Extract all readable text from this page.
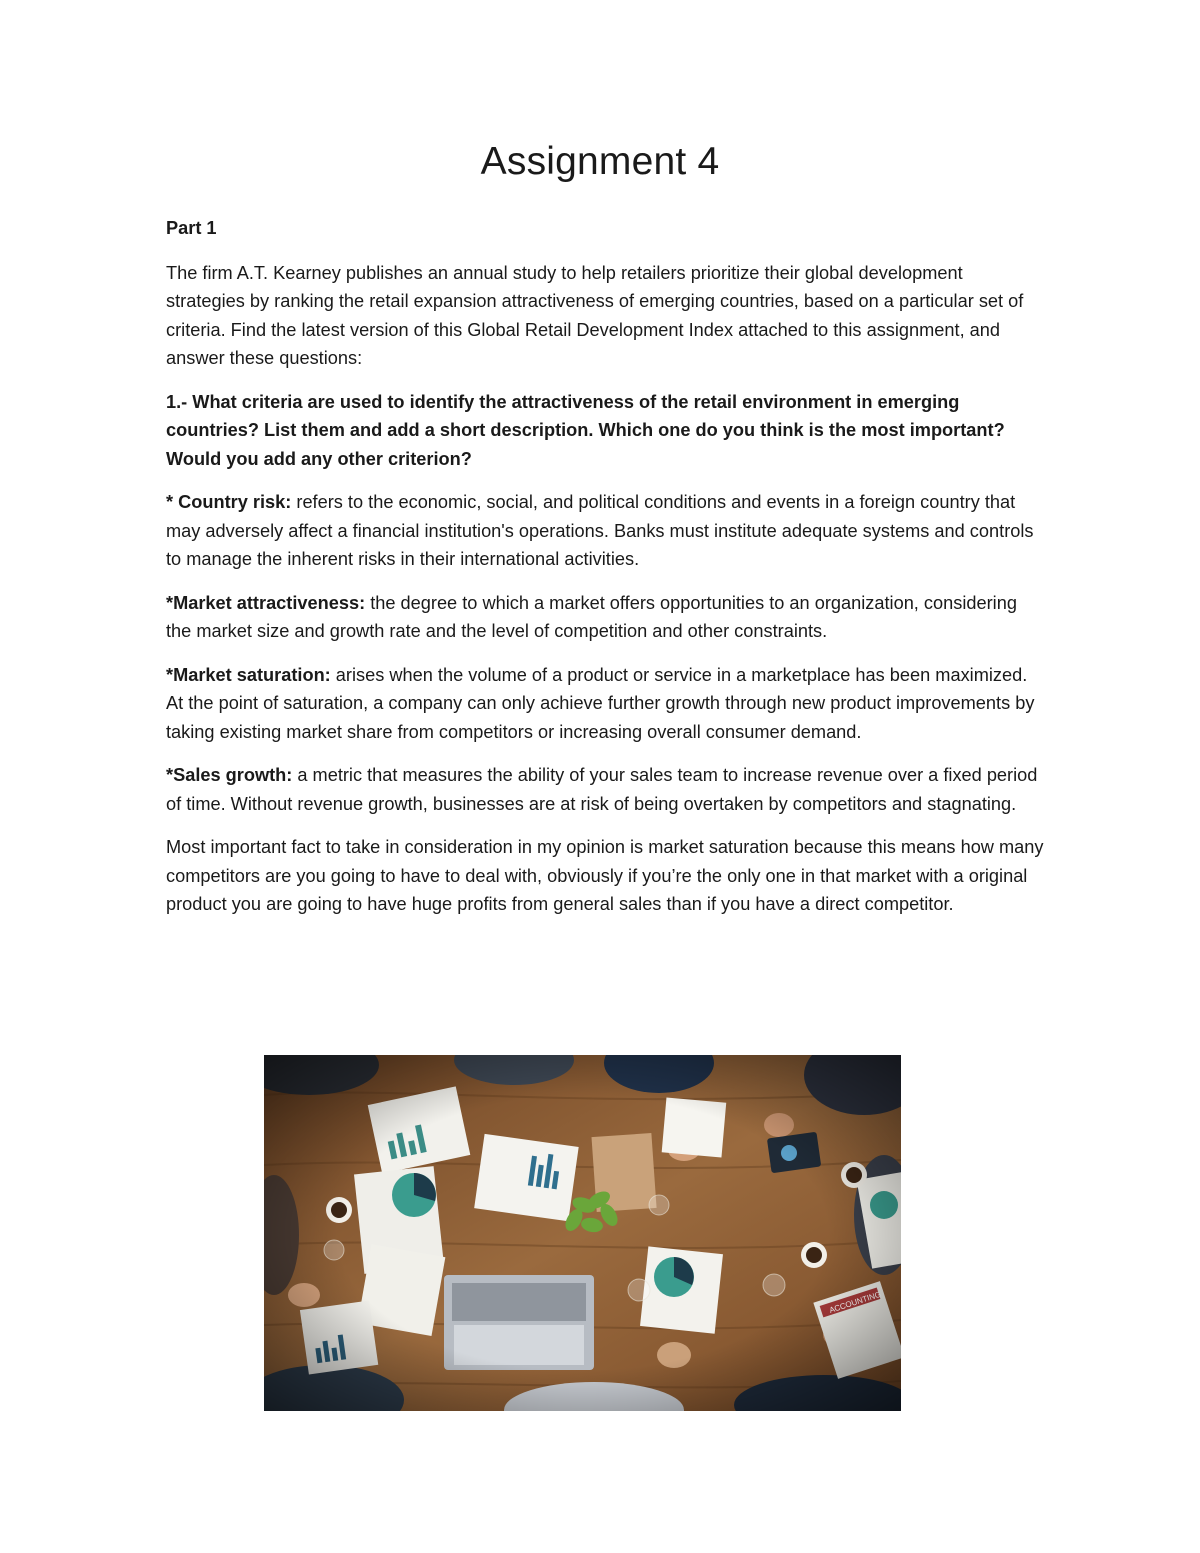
Assignment 4

Part 1

The firm A.T. Kearney publishes an annual study to help retailers prioritize their global development strategies by ranking the retail expansion attractiveness of emerging countries, based on a particular set of criteria. Find the latest version of this Global Retail Development Index attached to this assignment, and answer these questions:

1.- What criteria are used to identify the attractiveness of the retail environment in emerging countries? List them and add a short description. Which one do you think is the most important? Would you add any other criterion?

* Country risk: refers to the economic, social, and political conditions and events in a foreign country that may adversely affect a financial institution's operations. Banks must institute adequate systems and controls to manage the inherent risks in their international activities.

*Market attractiveness: the degree to which a market offers opportunities to an organization, considering the market size and growth rate and the level of competition and other constraints.

*Market saturation: arises when the volume of a product or service in a marketplace has been maximized. At the point of saturation, a company can only achieve further growth through new product improvements by taking existing market share from competitors or increasing overall consumer demand.

*Sales growth: a metric that measures the ability of your sales team to increase revenue over a fixed period of time. Without revenue growth, businesses are at risk of being overtaken by competitors and stagnating.

Most important fact to take in consideration in my opinion is market saturation because this means how many competitors are you going to have to deal with, obviously if you’re the only one in that market with a original product you are going to have huge profits from general sales than if you have a direct competitor.
